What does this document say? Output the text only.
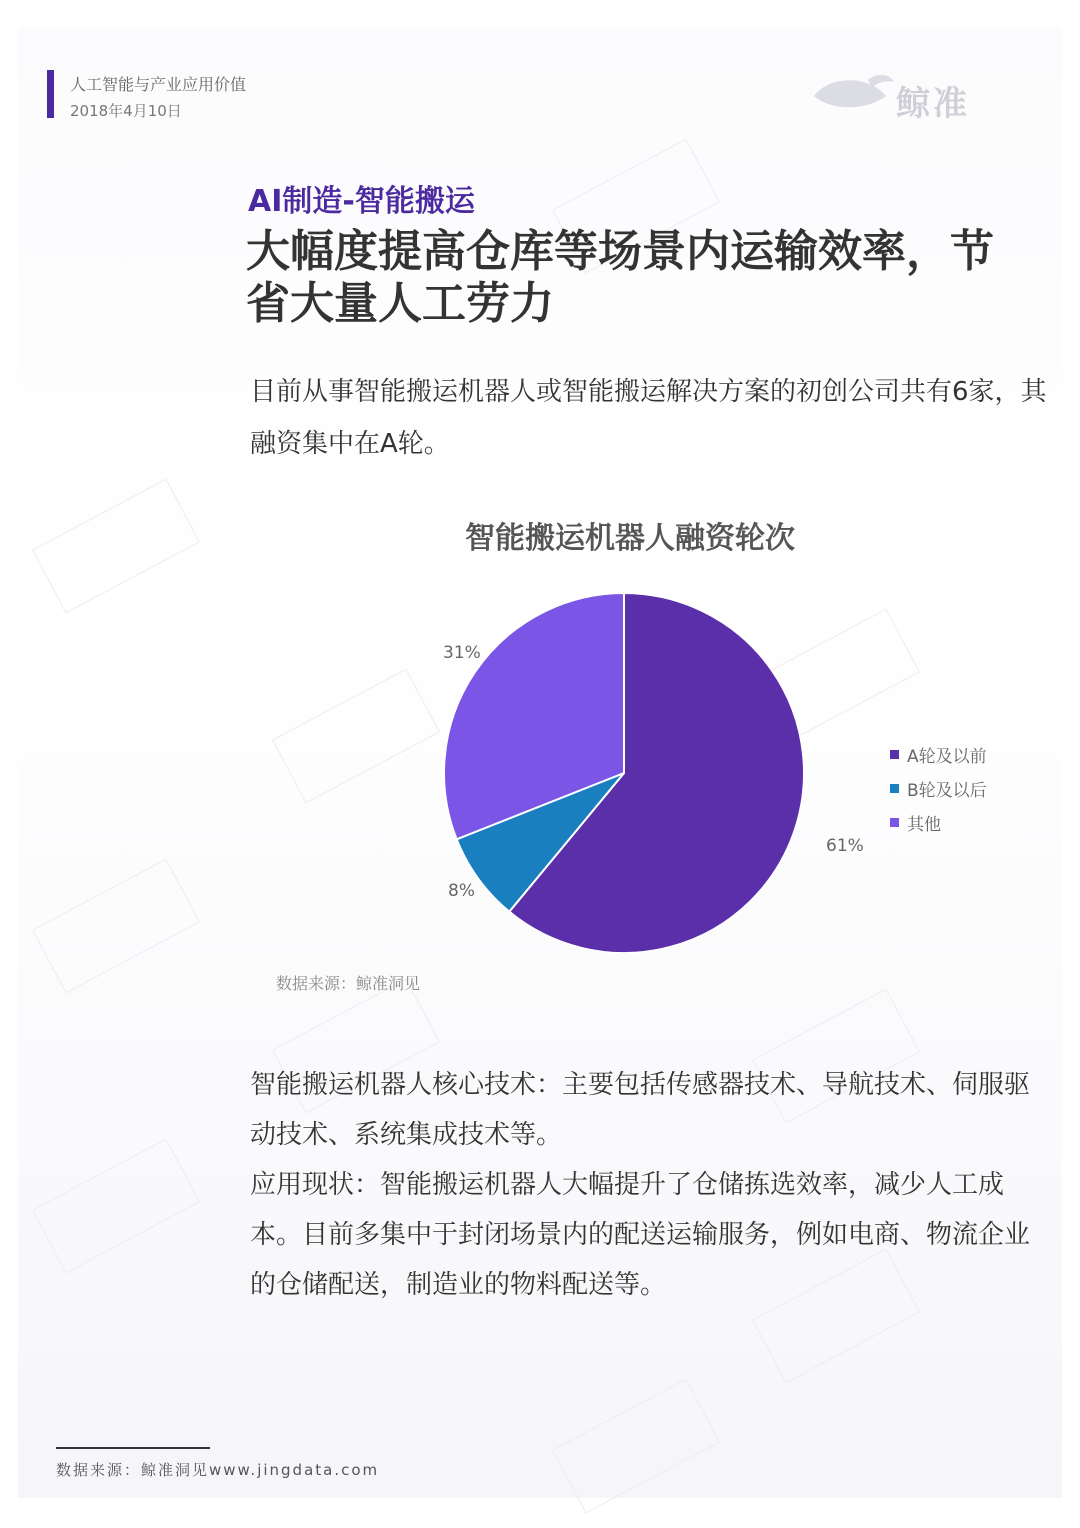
人工智能与产业应用价值
2018年4月10日	鲸准
AI制造-智能搬运
大幅度提高仓库等场景内运输效率，节省大量人工劳力
目前从事智能搬运机器人或智能搬运解决方案的初创公司共有6家，其融资集中在A轮。
61%
8%
31%
智能搬运机器人融资轮次
A轮及以前
B轮及以后
其他
数据来源：鲸准洞见
智能搬运机器人核心技术：主要包括传感器技术、导航技术、伺服驱动技术、系统集成技术等。
应用现状：智能搬运机器人大幅提升了仓储拣选效率，减少人工成本。目前多集中于封闭场景内的配送运输服务，例如电商、物流企业的仓储配送，制造业的物料配送等。
数据来源：鲸准洞见www.jingdata.com
